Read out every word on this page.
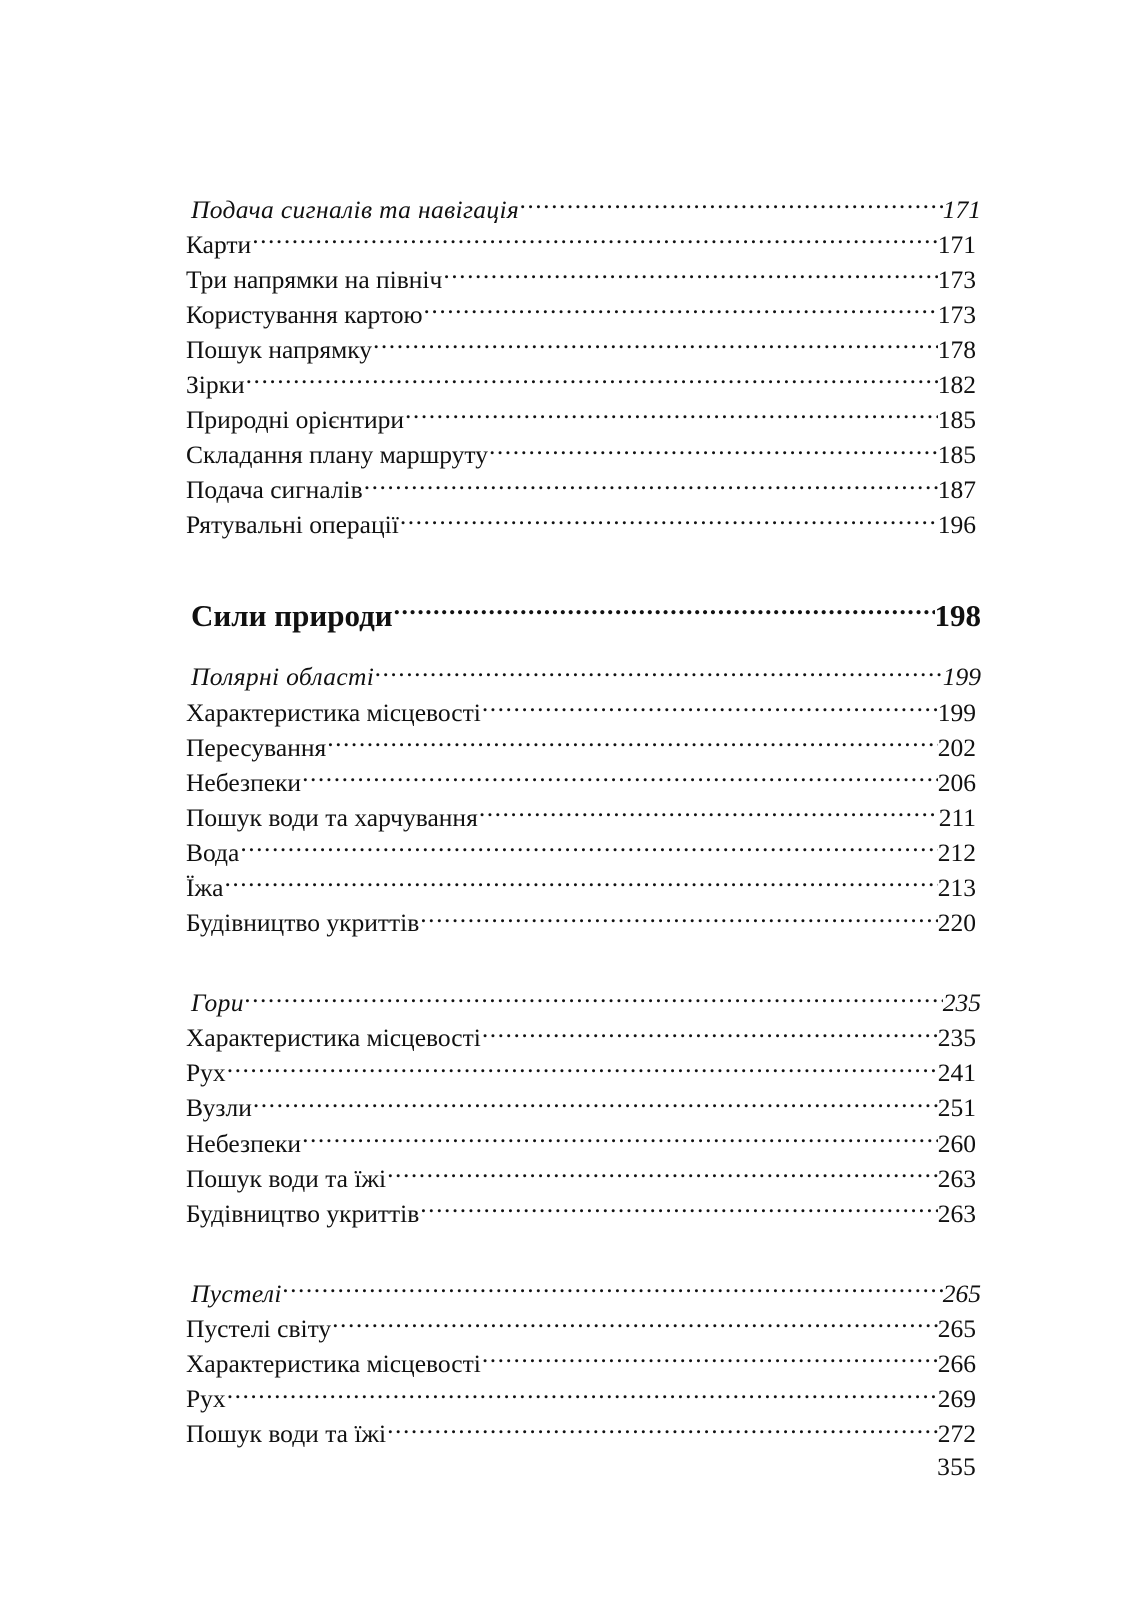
Подача сигналів та навігація .....	171
Карти .....	171
Три напрямки на північ .....	173
Користування картою .....	173
Пошук напрямку .....	178
Зірки .....	182
Природні орієнтири .....	185
Складання плану маршруту .....	185
Подача сигналів .....	187
Рятувальні операції .....	196
Сили природи .....	198
Полярні області .....	199
Характеристика місцевості .....	199
Пересування .....	202
Небезпеки .....	206
Пошук води та харчування .....	211
Вода .....	212
Їжа .....	213
Будівництво укриттів .....	220
Гори .....	235
Характеристика місцевості .....	235
Рух .....	241
Вузли .....	251
Небезпеки .....	260
Пошук води та їжі .....	263
Будівництво укриттів .....	263
Пустелі .....	265
Пустелі світу .....	265
Характеристика місцевості .....	266
Рух .....	269
Пошук води та їжі .....	272
355
